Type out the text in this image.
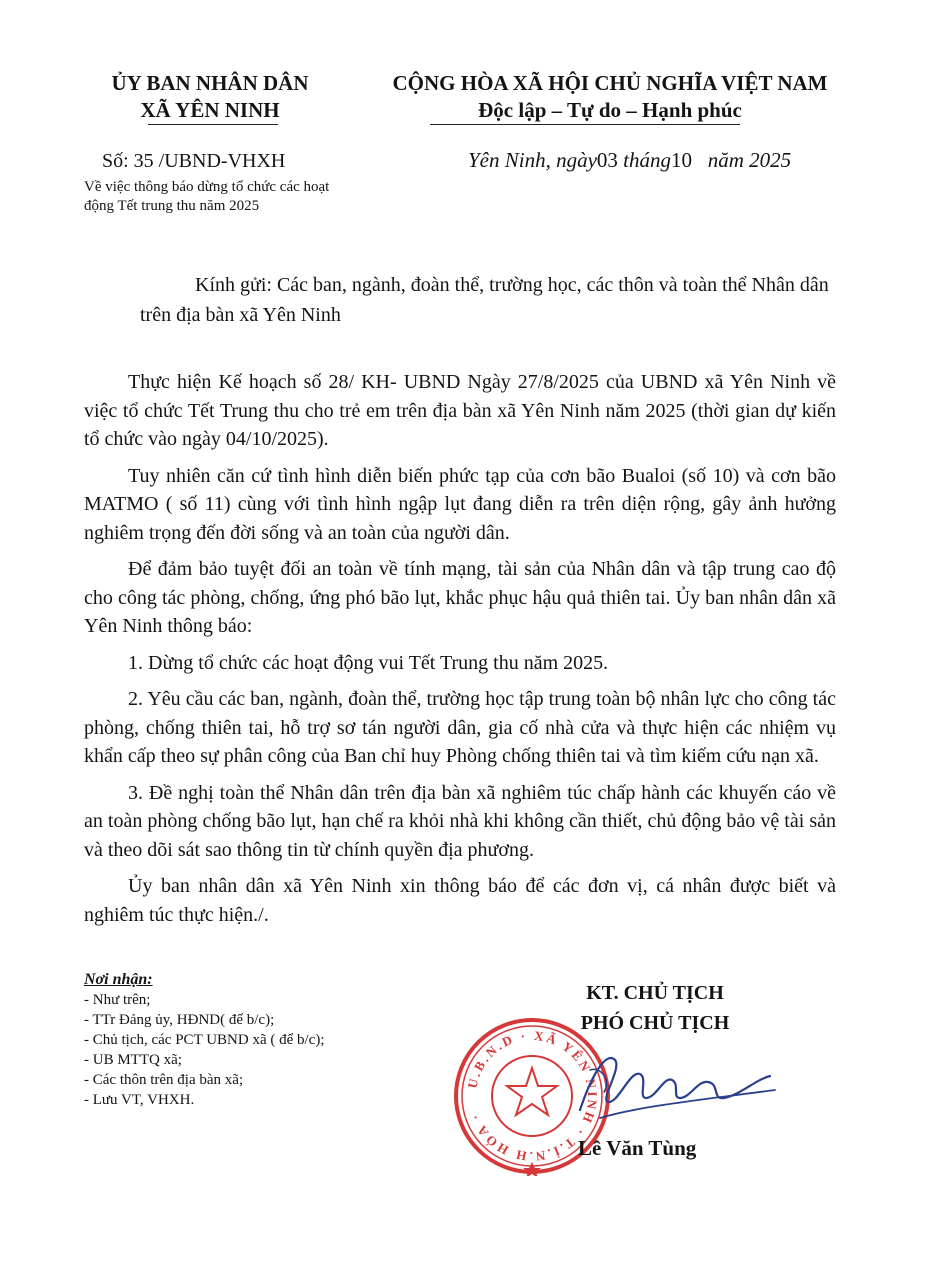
ỦY BAN NHÂN DÂN
XÃ YÊN NINH
CỘNG HÒA XÃ HỘI CHỦ NGHĨA VIỆT NAM
Độc lập – Tự do – Hạnh phúc
Số: 35 /UBND-VHXH
Về việc thông báo dừng tổ chức các hoạt động Tết trung thu năm 2025
Yên Ninh, ngày03 tháng10 năm 2025

Kính gửi: Các ban, ngành, đoàn thể, trường học, các thôn và toàn thể Nhân dân trên địa bàn xã Yên Ninh

Thực hiện Kế hoạch số 28/ KH- UBND Ngày 27/8/2025 của UBND xã Yên Ninh về việc tổ chức Tết Trung thu cho trẻ em trên địa bàn xã Yên Ninh năm 2025 (thời gian dự kiến tổ chức vào ngày 04/10/2025).

Tuy nhiên căn cứ tình hình diễn biến phức tạp của cơn bão Bualoi (số 10) và cơn bão MATMO ( số 11) cùng với tình hình ngập lụt đang diễn ra trên diện rộng, gây ảnh hưởng nghiêm trọng đến đời sống và an toàn của người dân.

Để đảm bảo tuyệt đối an toàn về tính mạng, tài sản của Nhân dân và tập trung cao độ cho công tác phòng, chống, ứng phó bão lụt, khắc phục hậu quả thiên tai. Ủy ban nhân dân xã Yên Ninh thông báo:

1. Dừng tổ chức các hoạt động vui Tết Trung thu năm 2025.

2. Yêu cầu các ban, ngành, đoàn thể, trường học tập trung toàn bộ nhân lực cho công tác phòng, chống thiên tai, hỗ trợ sơ tán người dân, gia cố nhà cửa và thực hiện các nhiệm vụ khẩn cấp theo sự phân công của Ban chỉ huy Phòng chống thiên tai và tìm kiếm cứu nạn xã.

3. Đề nghị toàn thể Nhân dân trên địa bàn xã nghiêm túc chấp hành các khuyến cáo về an toàn phòng chống bão lụt, hạn chế ra khỏi nhà khi không cần thiết, chủ động bảo vệ tài sản và theo dõi sát sao thông tin từ chính quyền địa phương.

Ủy ban nhân dân xã Yên Ninh xin thông báo để các đơn vị, cá nhân được biết và nghiêm túc thực hiện./.

Nơi nhận:
- Như trên;
- TTr Đảng ủy, HĐND( để b/c);
- Chủ tịch, các PCT UBND xã ( để b/c);
- UB MTTQ xã;
- Các thôn trên địa bàn xã;
- Lưu VT, VHXH.
KT. CHỦ TỊCH
PHÓ CHỦ TỊCH
U.B.N.D · XÃ YÊN NINH · T.Ỉ.N.H HÓA ·
Lê Văn Tùng
